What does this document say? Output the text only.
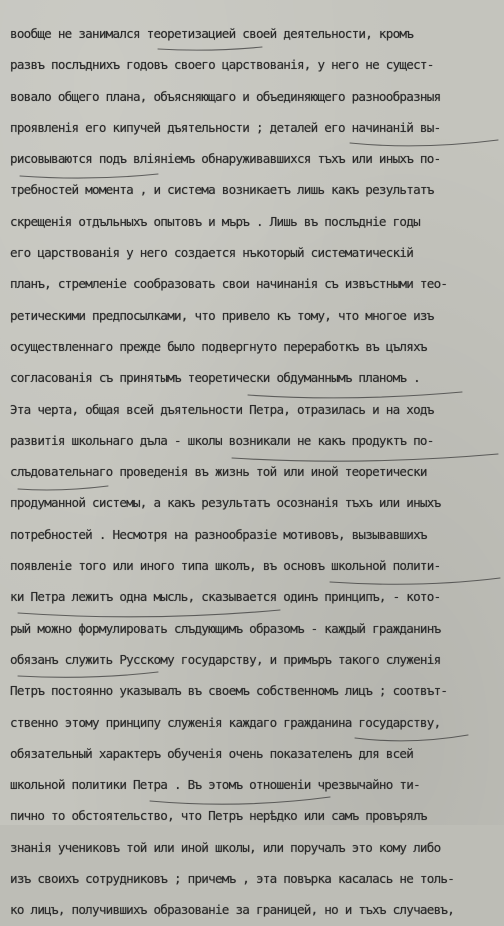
вообще не занимался теоретизацией своей деятельности, кромъ
развъ послъднихъ годовъ своего царствованія, у него не сущест-
вовало общего плана, объясняющаго и объединяющего разнообразныя
проявленія его кипучей дъятельности ; деталей его начинаній вы-
рисовываются подъ вліяніемъ обнаруживавшихся тъхъ или иныхъ по-
требностей момента , и система возникаетъ лишь какъ результатъ
скрещенія отдъльныхъ опытовъ и мъръ . Лишь въ послъдніе годы
его царствованія у него создается нъкоторый систематическій
планъ, стремленіе сообразовать свои начинанія съ извъстными тео-
ретическими предпосылками, что привело къ тому, что многое изъ
осуществленнаго прежде было подвергнуто переработкъ въ цъляхъ
согласованія съ принятымъ теоретически обдуманнымъ планомъ .
Эта черта, общая всей дъятельности Петра, отразилась и на ходъ
развитія школьнаго дъла - школы возникали не какъ продуктъ по-
слъдовательнаго проведенія въ жизнь той или иной теоретически
продуманной системы, а какъ результатъ осознанія тъхъ или иныхъ
потребностей . Несмотря на разнообразіе мотивовъ, вызывавшихъ
появленіе того или иного типа школъ, въ основъ школьной полити-
ки Петра лежитъ одна мысль, сказывается одинъ принципъ, - кото-
рый можно формулировать слъдующимъ образомъ - каждый гражданинъ
обязанъ служить Русскому государству, и примъръ такого служенія
Петръ постоянно указывалъ въ своемъ собственномъ лицъ ; соотвът-
ственно этому принципу служенія каждаго гражданина государству,
обязательный характеръ обученія очень показателенъ для всей
школьной политики Петра . Въ этомъ отношеніи чрезвычайно ти-
пично то обстоятельство, что Петръ нерѣдко или самъ провърялъ
знанія учениковъ той или иной школы, или поручалъ это кому либо
изъ своихъ сотрудниковъ ; причемъ , эта повърка касалась не толь-
ко лицъ, получившихъ образованіе за границей, но и тъхъ случаевъ,
